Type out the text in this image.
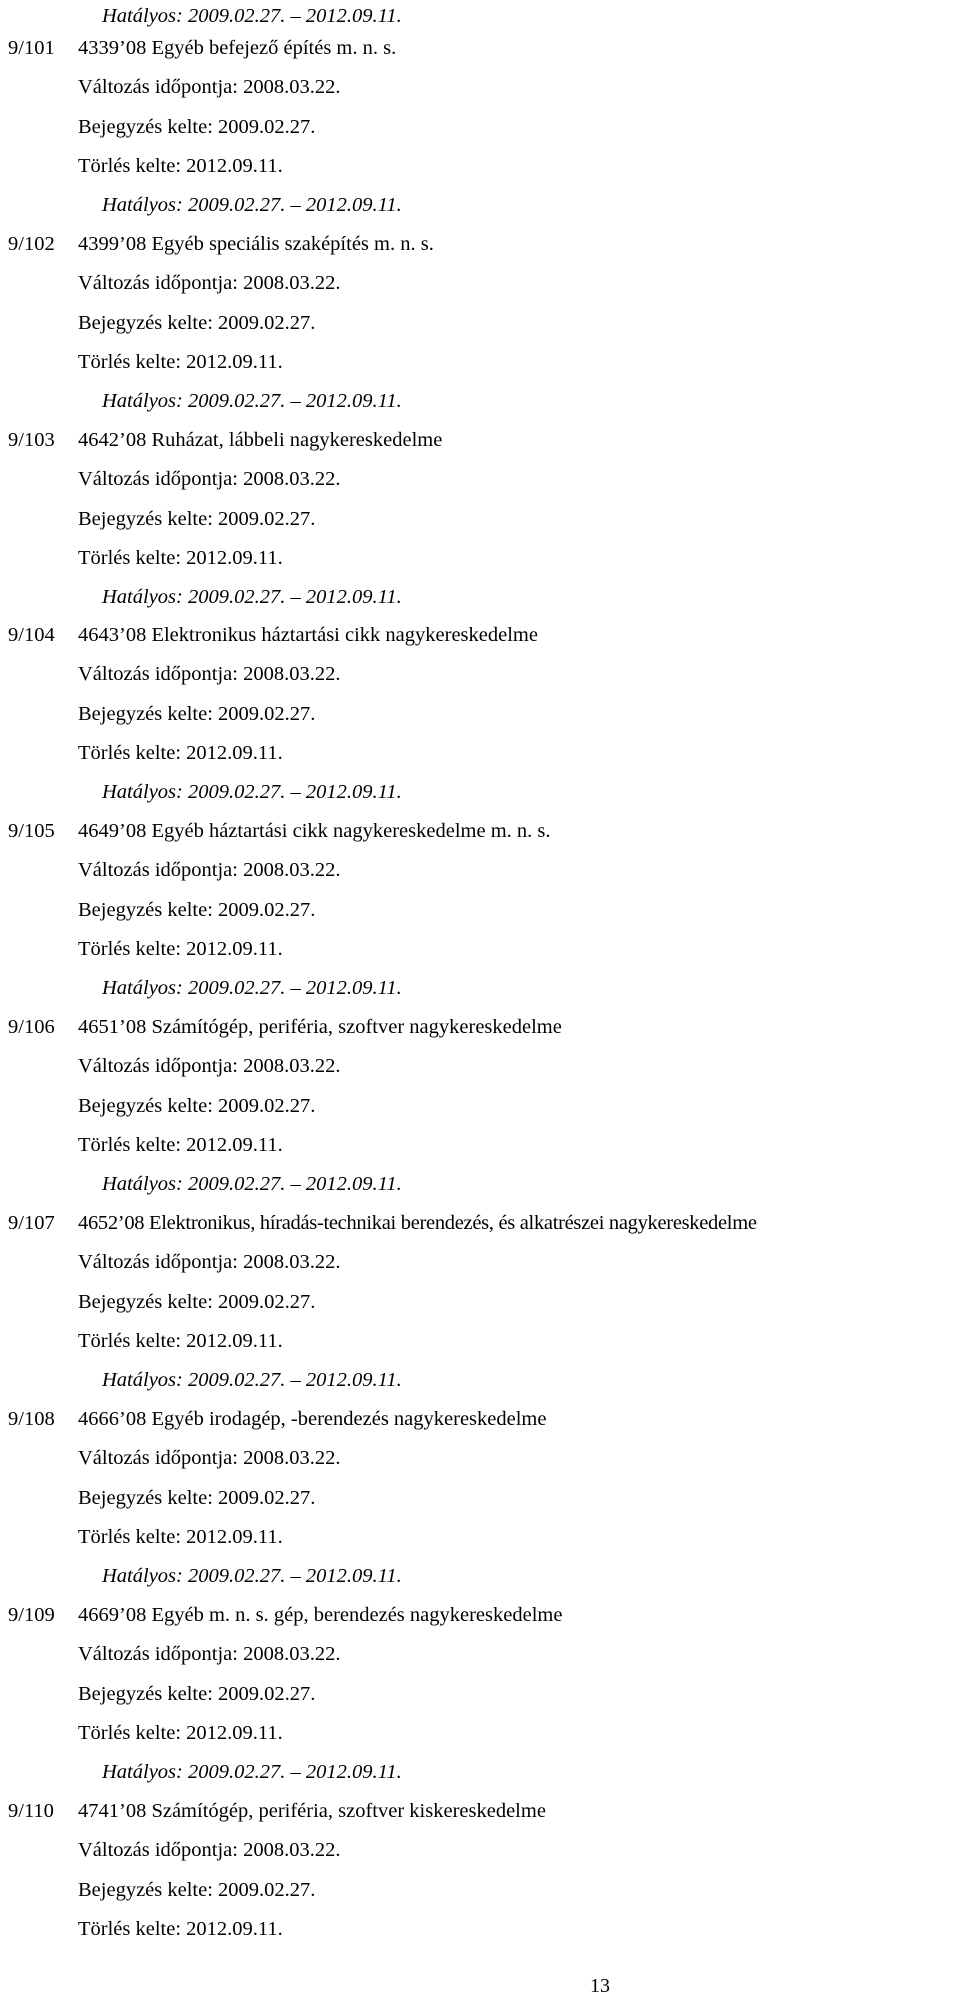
Hatályos: 2009.02.27. – 2012.09.11.
9/101 4339’08 Egyéb befejező építés m. n. s.
Változás időpontja: 2008.03.22.
Bejegyzés kelte: 2009.02.27.
Törlés kelte: 2012.09.11.
Hatályos: 2009.02.27. – 2012.09.11.
9/102 4399’08 Egyéb speciális szaképítés m. n. s.
Változás időpontja: 2008.03.22.
Bejegyzés kelte: 2009.02.27.
Törlés kelte: 2012.09.11.
Hatályos: 2009.02.27. – 2012.09.11.
9/103 4642’08 Ruházat, lábbeli nagykereskedelme
Változás időpontja: 2008.03.22.
Bejegyzés kelte: 2009.02.27.
Törlés kelte: 2012.09.11.
Hatályos: 2009.02.27. – 2012.09.11.
9/104 4643’08 Elektronikus háztartási cikk nagykereskedelme
Változás időpontja: 2008.03.22.
Bejegyzés kelte: 2009.02.27.
Törlés kelte: 2012.09.11.
Hatályos: 2009.02.27. – 2012.09.11.
9/105 4649’08 Egyéb háztartási cikk nagykereskedelme m. n. s.
Változás időpontja: 2008.03.22.
Bejegyzés kelte: 2009.02.27.
Törlés kelte: 2012.09.11.
Hatályos: 2009.02.27. – 2012.09.11.
9/106 4651’08 Számítógép, periféria, szoftver nagykereskedelme
Változás időpontja: 2008.03.22.
Bejegyzés kelte: 2009.02.27.
Törlés kelte: 2012.09.11.
Hatályos: 2009.02.27. – 2012.09.11.
9/107 4652’08 Elektronikus, híradás-technikai berendezés, és alkatrészei nagykereskedelme
Változás időpontja: 2008.03.22.
Bejegyzés kelte: 2009.02.27.
Törlés kelte: 2012.09.11.
Hatályos: 2009.02.27. – 2012.09.11.
9/108 4666’08 Egyéb irodagép, -berendezés nagykereskedelme
Változás időpontja: 2008.03.22.
Bejegyzés kelte: 2009.02.27.
Törlés kelte: 2012.09.11.
Hatályos: 2009.02.27. – 2012.09.11.
9/109 4669’08 Egyéb m. n. s. gép, berendezés nagykereskedelme
Változás időpontja: 2008.03.22.
Bejegyzés kelte: 2009.02.27.
Törlés kelte: 2012.09.11.
Hatályos: 2009.02.27. – 2012.09.11.
9/110 4741’08 Számítógép, periféria, szoftver kiskereskedelme
Változás időpontja: 2008.03.22.
Bejegyzés kelte: 2009.02.27.
Törlés kelte: 2012.09.11.
13
